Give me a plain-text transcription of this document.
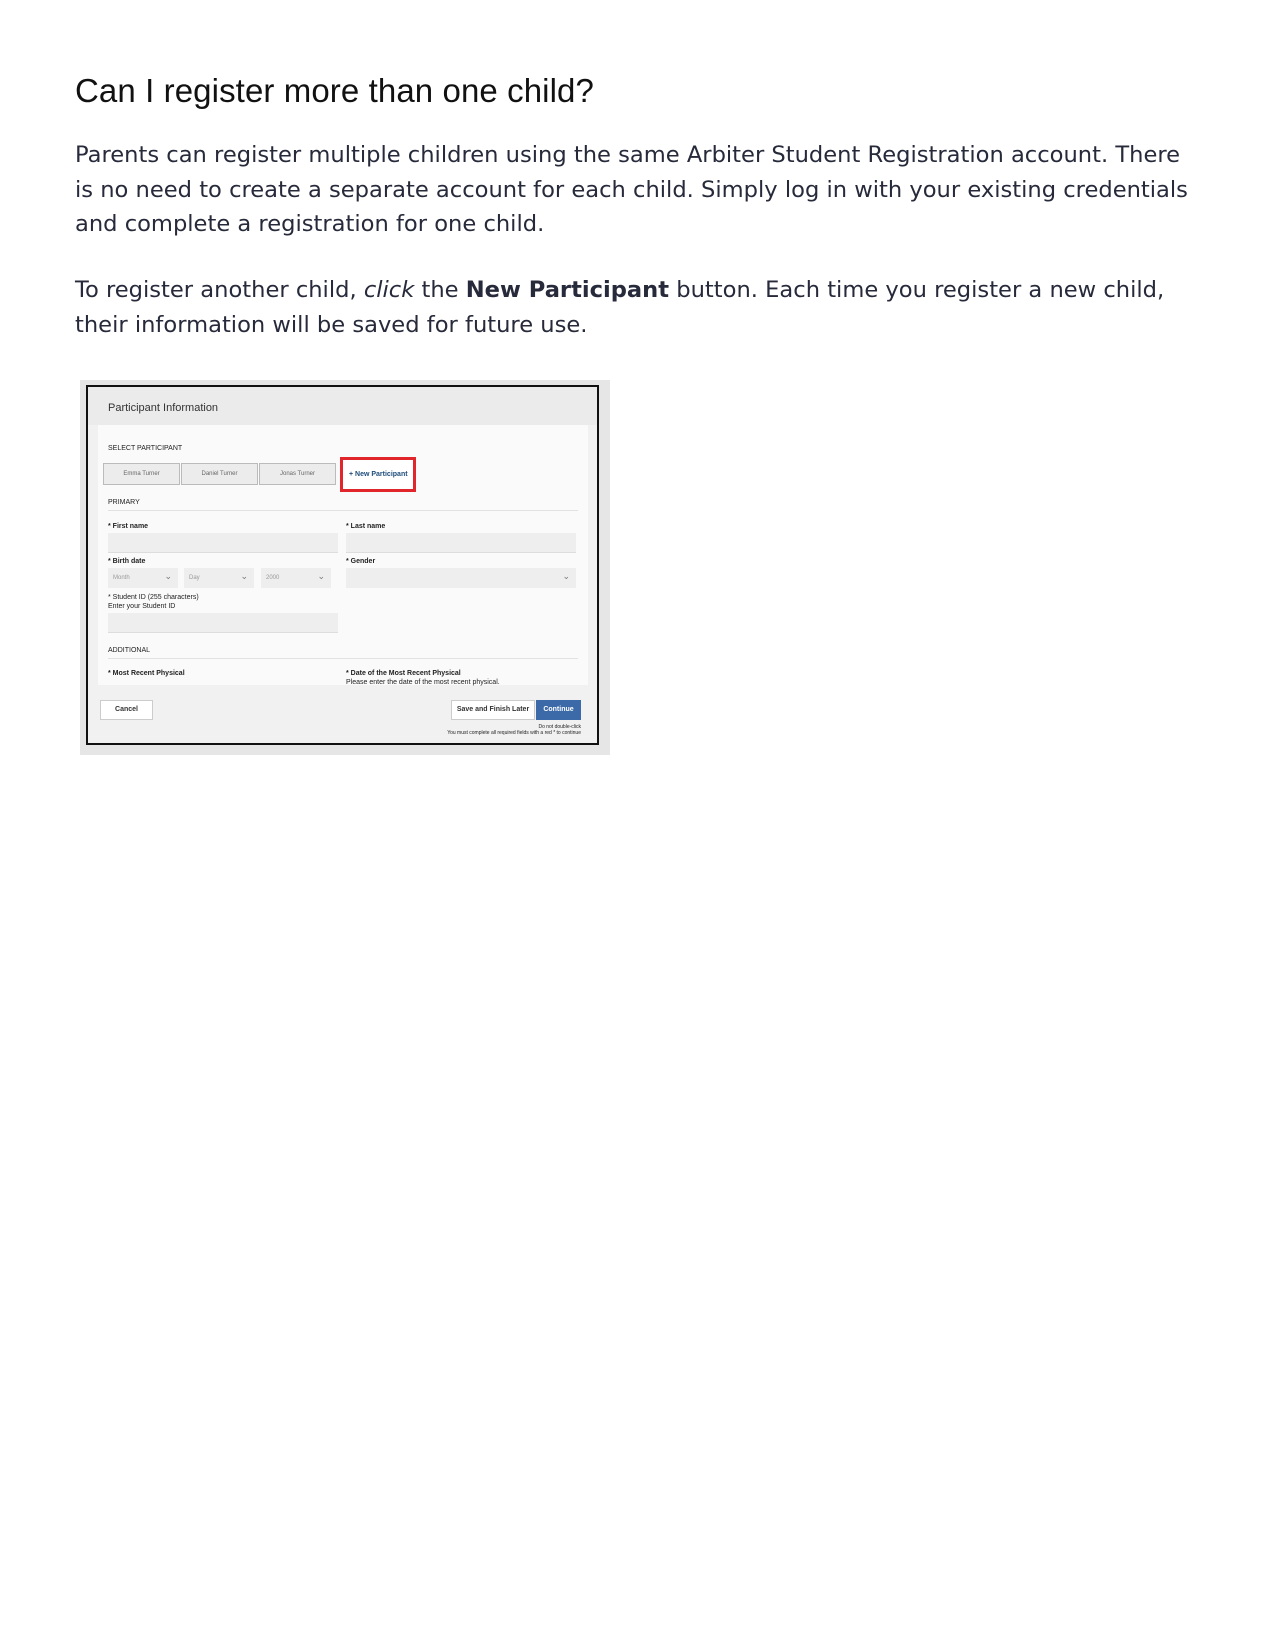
Can I register more than one child?

Parents can register multiple children using the same Arbiter Student Registration account. There is no need to create a separate account for each child. Simply log in with your existing credentials and complete a registration for one child.

To register another child, click the New Participant button. Each time you register a new child, their information will be saved for future use.

Participant Information
SELECT PARTICIPANT
Emma Turner	Daniel Turner	Jonas Turner	+ New Participant
PRIMARY
* First name	* Last name
* Birth date
Month ⌄	Day ⌄	2000 ⌄
* Gender
⌄
* Student ID (255 characters)
Enter your Student ID
ADDITIONAL
* Most Recent Physical	* Date of the Most Recent Physical
Please enter the date of the most recent physical.
Cancel	Save and Finish Later	Continue
Do not double-click
You must complete all required fields with a red * to continue
